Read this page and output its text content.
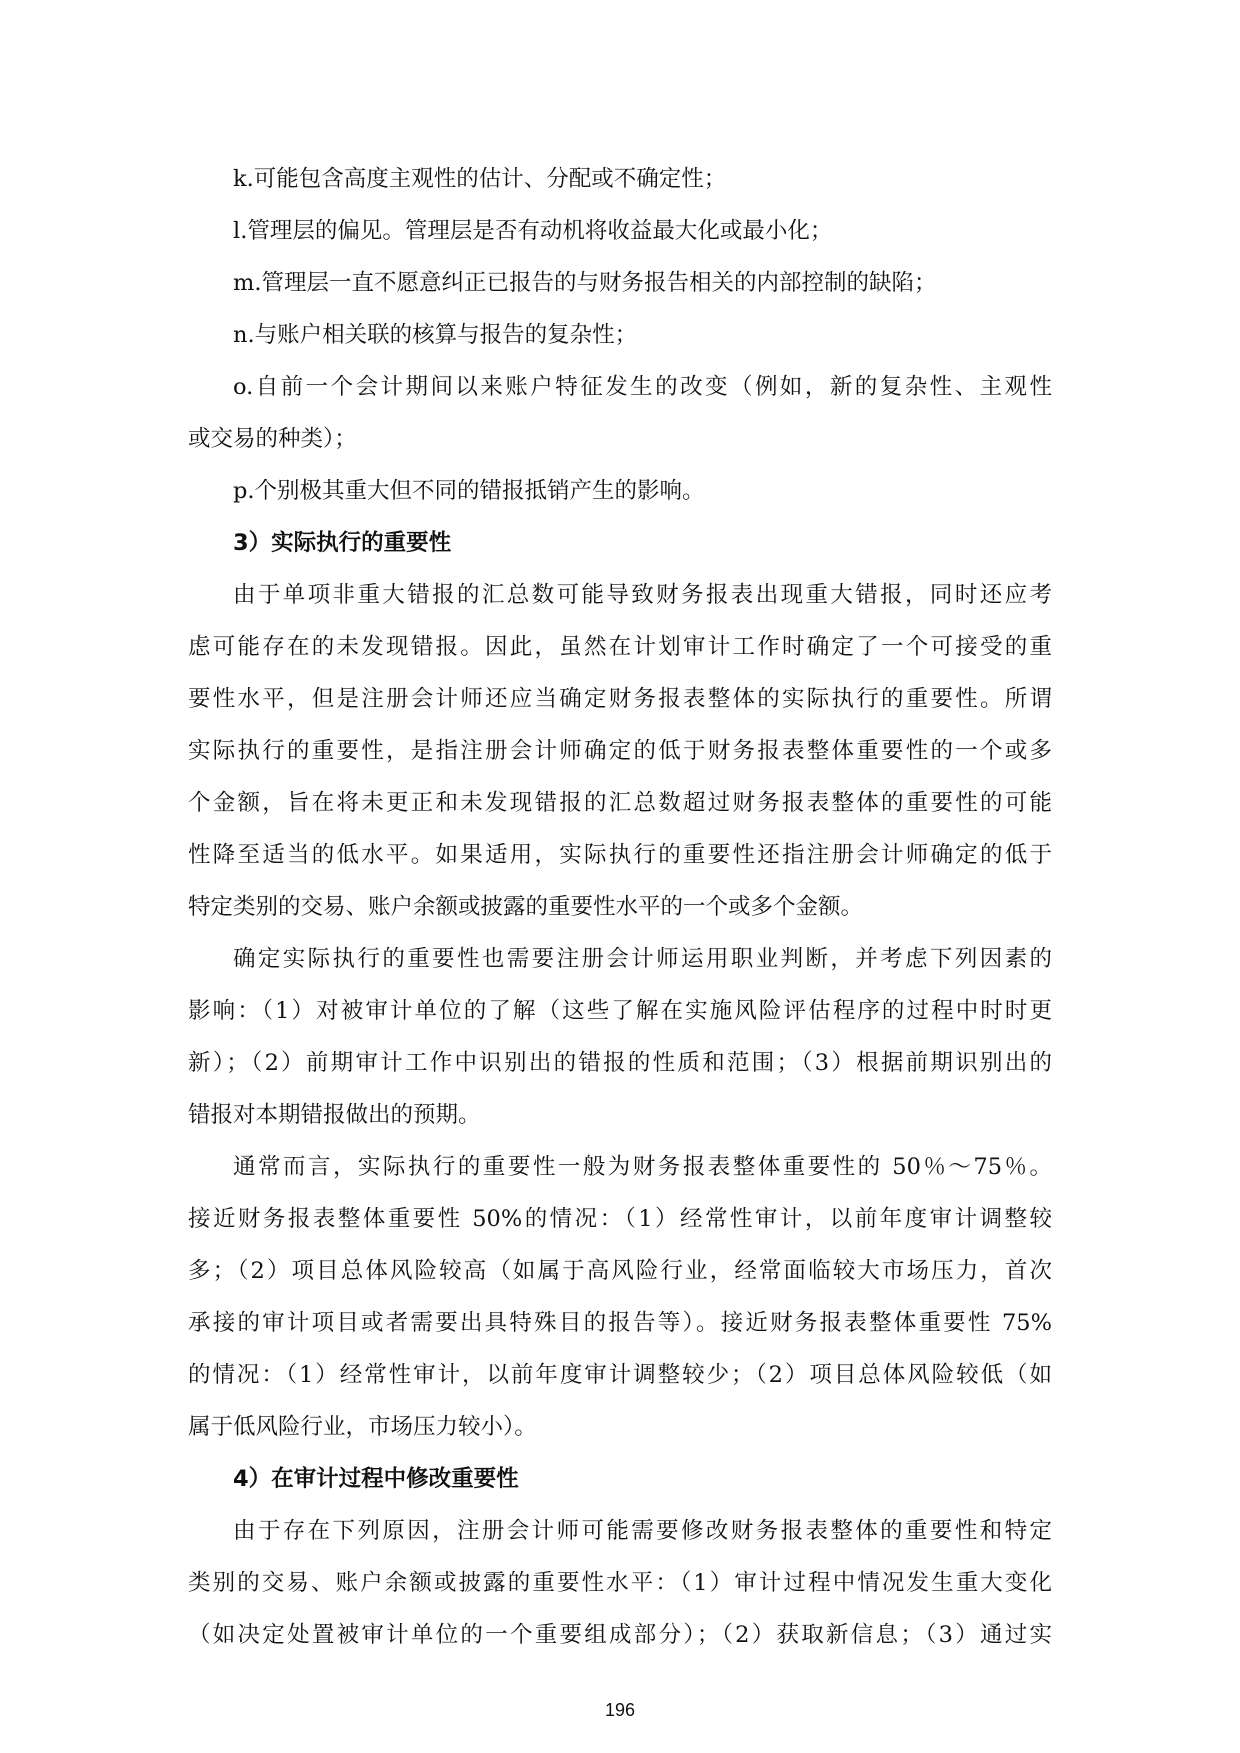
k.可能包含高度主观性的估计、分配或不确定性；
l.管理层的偏见。管理层是否有动机将收益最大化或最小化；
m.管理层一直不愿意纠正已报告的与财务报告相关的内部控制的缺陷；
n.与账户相关联的核算与报告的复杂性；
o.自前一个会计期间以来账户特征发生的改变（例如，新的复杂性、主观性
或交易的种类）；
p.个别极其重大但不同的错报抵销产生的影响。
3）实际执行的重要性
由于单项非重大错报的汇总数可能导致财务报表出现重大错报，同时还应考
虑可能存在的未发现错报。因此，虽然在计划审计工作时确定了一个可接受的重
要性水平，但是注册会计师还应当确定财务报表整体的实际执行的重要性。所谓
实际执行的重要性，是指注册会计师确定的低于财务报表整体重要性的一个或多
个金额，旨在将未更正和未发现错报的汇总数超过财务报表整体的重要性的可能
性降至适当的低水平。如果适用，实际执行的重要性还指注册会计师确定的低于
特定类别的交易、账户余额或披露的重要性水平的一个或多个金额。
确定实际执行的重要性也需要注册会计师运用职业判断，并考虑下列因素的
影响：（1）对被审计单位的了解（这些了解在实施风险评估程序的过程中时时更
新）；（2）前期审计工作中识别出的错报的性质和范围；（3）根据前期识别出的
错报对本期错报做出的预期。
通常而言，实际执行的重要性一般为财务报表整体重要性的 50％～75％。
接近财务报表整体重要性 50%的情况：（1）经常性审计，以前年度审计调整较
多；（2）项目总体风险较高（如属于高风险行业，经常面临较大市场压力，首次
承接的审计项目或者需要出具特殊目的报告等）。接近财务报表整体重要性 75%
的情况：（1）经常性审计，以前年度审计调整较少；（2）项目总体风险较低（如
属于低风险行业，市场压力较小）。
4）在审计过程中修改重要性
由于存在下列原因，注册会计师可能需要修改财务报表整体的重要性和特定
类别的交易、账户余额或披露的重要性水平：（1）审计过程中情况发生重大变化
（如决定处置被审计单位的一个重要组成部分）；（2）获取新信息；（3）通过实
196
